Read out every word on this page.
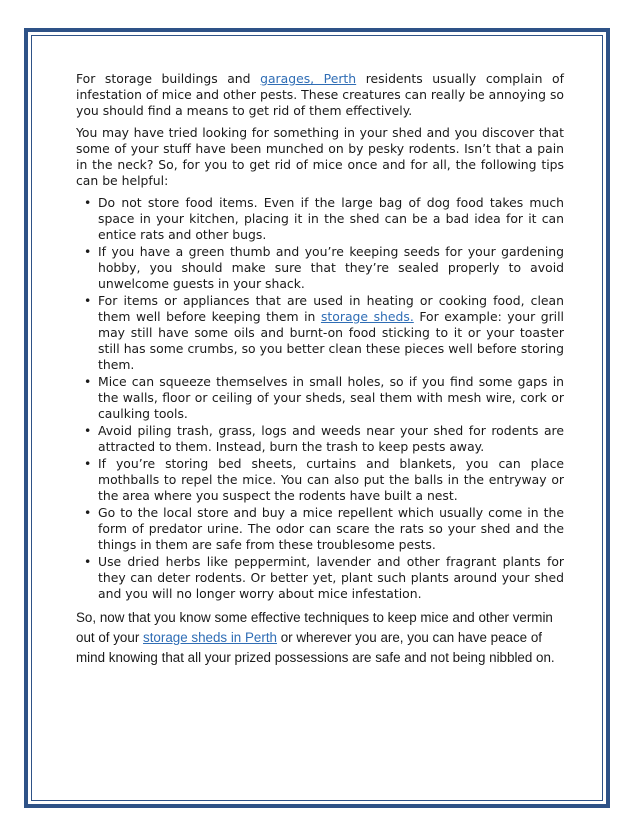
For storage buildings and garages, Perth residents usually complain of infestation of mice and other pests. These creatures can really be annoying so you should find a means to get rid of them effectively.

You may have tried looking for something in your shed and you discover that some of your stuff have been munched on by pesky rodents. Isn’t that a pain in the neck? So, for you to get rid of mice once and for all, the following tips can be helpful:

• Do not store food items. Even if the large bag of dog food takes much space in your kitchen, placing it in the shed can be a bad idea for it can entice rats and other bugs.
• If you have a green thumb and you’re keeping seeds for your gardening hobby, you should make sure that they’re sealed properly to avoid unwelcome guests in your shack.
• For items or appliances that are used in heating or cooking food, clean them well before keeping them in storage sheds. For example: your grill may still have some oils and burnt-on food sticking to it or your toaster still has some crumbs, so you better clean these pieces well before storing them.
• Mice can squeeze themselves in small holes, so if you find some gaps in the walls, floor or ceiling of your sheds, seal them with mesh wire, cork or caulking tools.
• Avoid piling trash, grass, logs and weeds near your shed for rodents are attracted to them. Instead, burn the trash to keep pests away.
• If you’re storing bed sheets, curtains and blankets, you can place mothballs to repel the mice. You can also put the balls in the entryway or the area where you suspect the rodents have built a nest.
• Go to the local store and buy a mice repellent which usually come in the form of predator urine. The odor can scare the rats so your shed and the things in them are safe from these troublesome pests.
• Use dried herbs like peppermint, lavender and other fragrant plants for they can deter rodents. Or better yet, plant such plants around your shed and you will no longer worry about mice infestation.

So, now that you know some effective techniques to keep mice and other vermin out of your storage sheds in Perth or wherever you are, you can have peace of mind knowing that all your prized possessions are safe and not being nibbled on.
